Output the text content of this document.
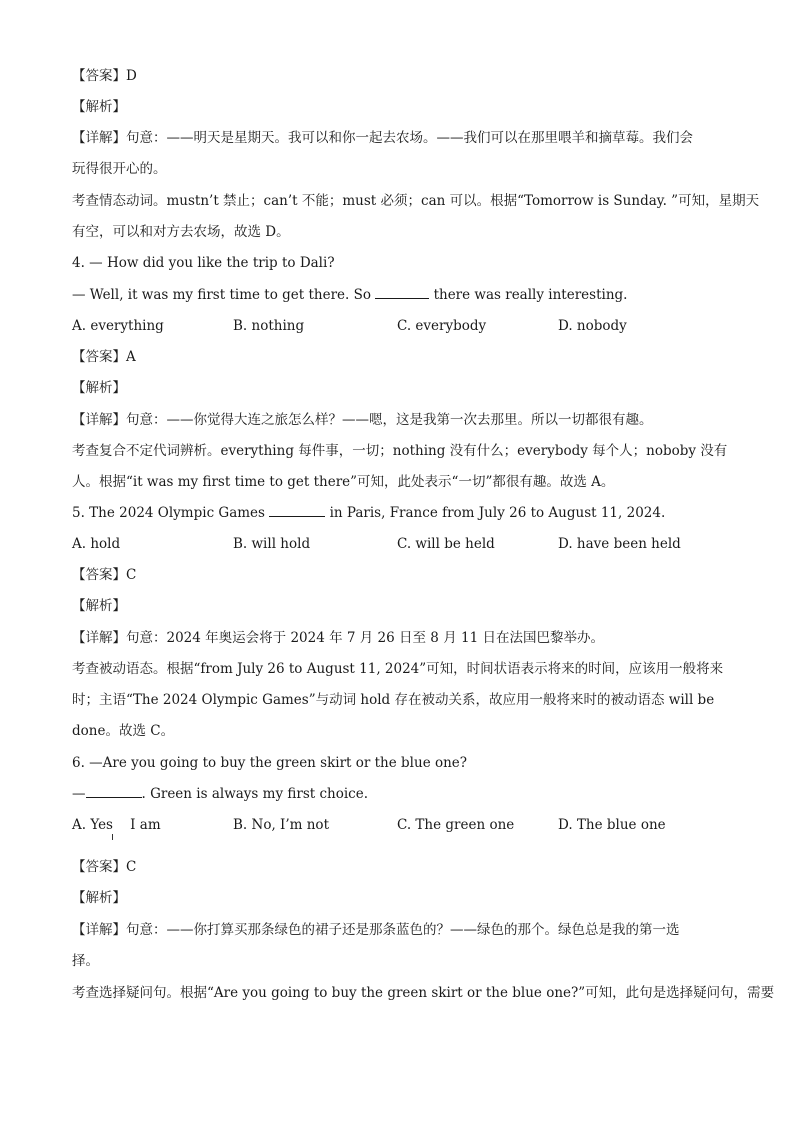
【答案】D
【解析】
【详解】句意：——明天是星期天。我可以和你一起去农场。——我们可以在那里喂羊和摘草莓。我们会
玩得很开心的。
考查情态动词。mustn’t 禁止；can’t 不能；must 必须；can 可以。根据“Tomorrow is Sunday. ”可知，星期天
有空，可以和对方去农场，故选 D。
4. — How did you like the trip to Dali?
— Well, it was my first time to get there. So	there was really interesting.
A. everything	B. nothing	C. everybody	D. nobody
【答案】A
【解析】
【详解】句意：——你觉得大连之旅怎么样？——嗯，这是我第一次去那里。所以一切都很有趣。
考查复合不定代词辨析。everything 每件事，一切；nothing 没有什么；everybody 每个人；noboby 没有
人。根据“it was my first time to get there”可知，此处表示“一切”都很有趣。故选 A。
5. The 2024 Olympic Games	in Paris, France from July 26 to August 11, 2024.
A. hold	B. will hold	C. will be held	D. have been held
【答案】C
【解析】
【详解】句意：2024 年奥运会将于 2024 年 7 月 26 日至 8 月 11 日在法国巴黎举办。
考查被动语态。根据“from July 26 to August 11, 2024”可知，时间状语表示将来的时间，应该用一般将来
时；主语“The 2024 Olympic Games”与动词 hold 存在被动关系，故应用一般将来时的被动语态 will be
done。故选 C。
6. —Are you going to buy the green skirt or the blue one?
—	. Green is always my first choice.
A. Yes    I am	B. No, I’m not	C. The green one	D. The blue one
【答案】C
【解析】
【详解】句意：——你打算买那条绿色的裙子还是那条蓝色的？——绿色的那个。绿色总是我的第一选
择。
考查选择疑问句。根据“Are you going to buy the green skirt or the blue one?”可知，此句是选择疑问句，需要
